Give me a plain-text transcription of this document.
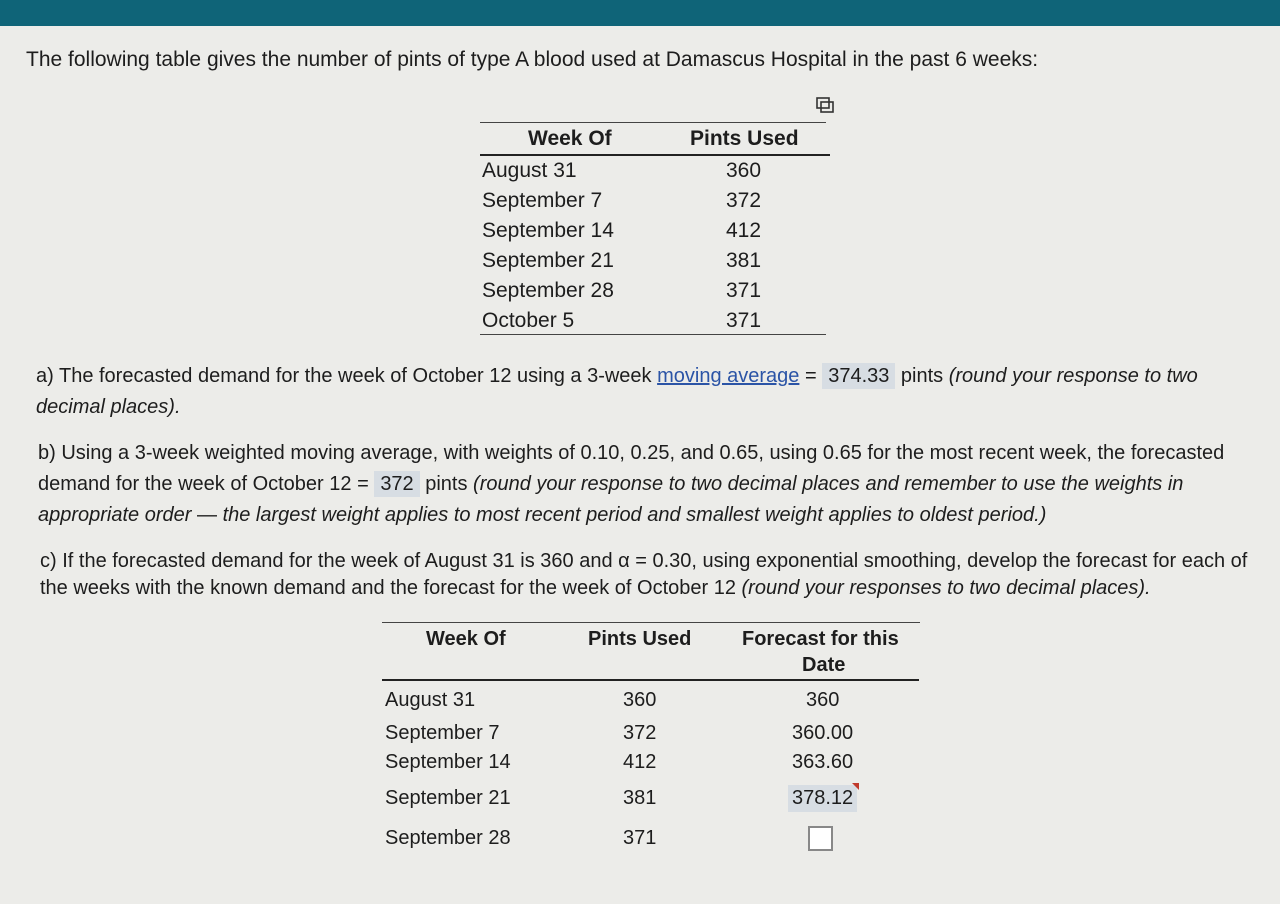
The following table gives the number of pints of type A blood used at Damascus Hospital in the past 6 weeks:
Week Of	Pints Used
August 31	360
September 7	372
September 14	412
September 21	381
September 28	371
October 5	371
a) The forecasted demand for the week of October 12 using a 3-week moving average = 374.33 pints (round your response to two
decimal places).
b) Using a 3-week weighted moving average, with weights of 0.10, 0.25, and 0.65, using 0.65 for the most recent week, the forecasted
demand for the week of October 12 = 372 pints (round your response to two decimal places and remember to use the weights in
appropriate order — the largest weight applies to most recent period and smallest weight applies to oldest period.)
c) If the forecasted demand for the week of August 31 is 360 and α = 0.30, using exponential smoothing, develop the forecast for each of
the weeks with the known demand and the forecast for the week of October 12 (round your responses to two decimal places).
Week Of	Pints Used	Forecast for this
Date
August 31	360	360
September 7	372	360.00
September 14	412	363.60
September 21	381	378.12
September 28	371
